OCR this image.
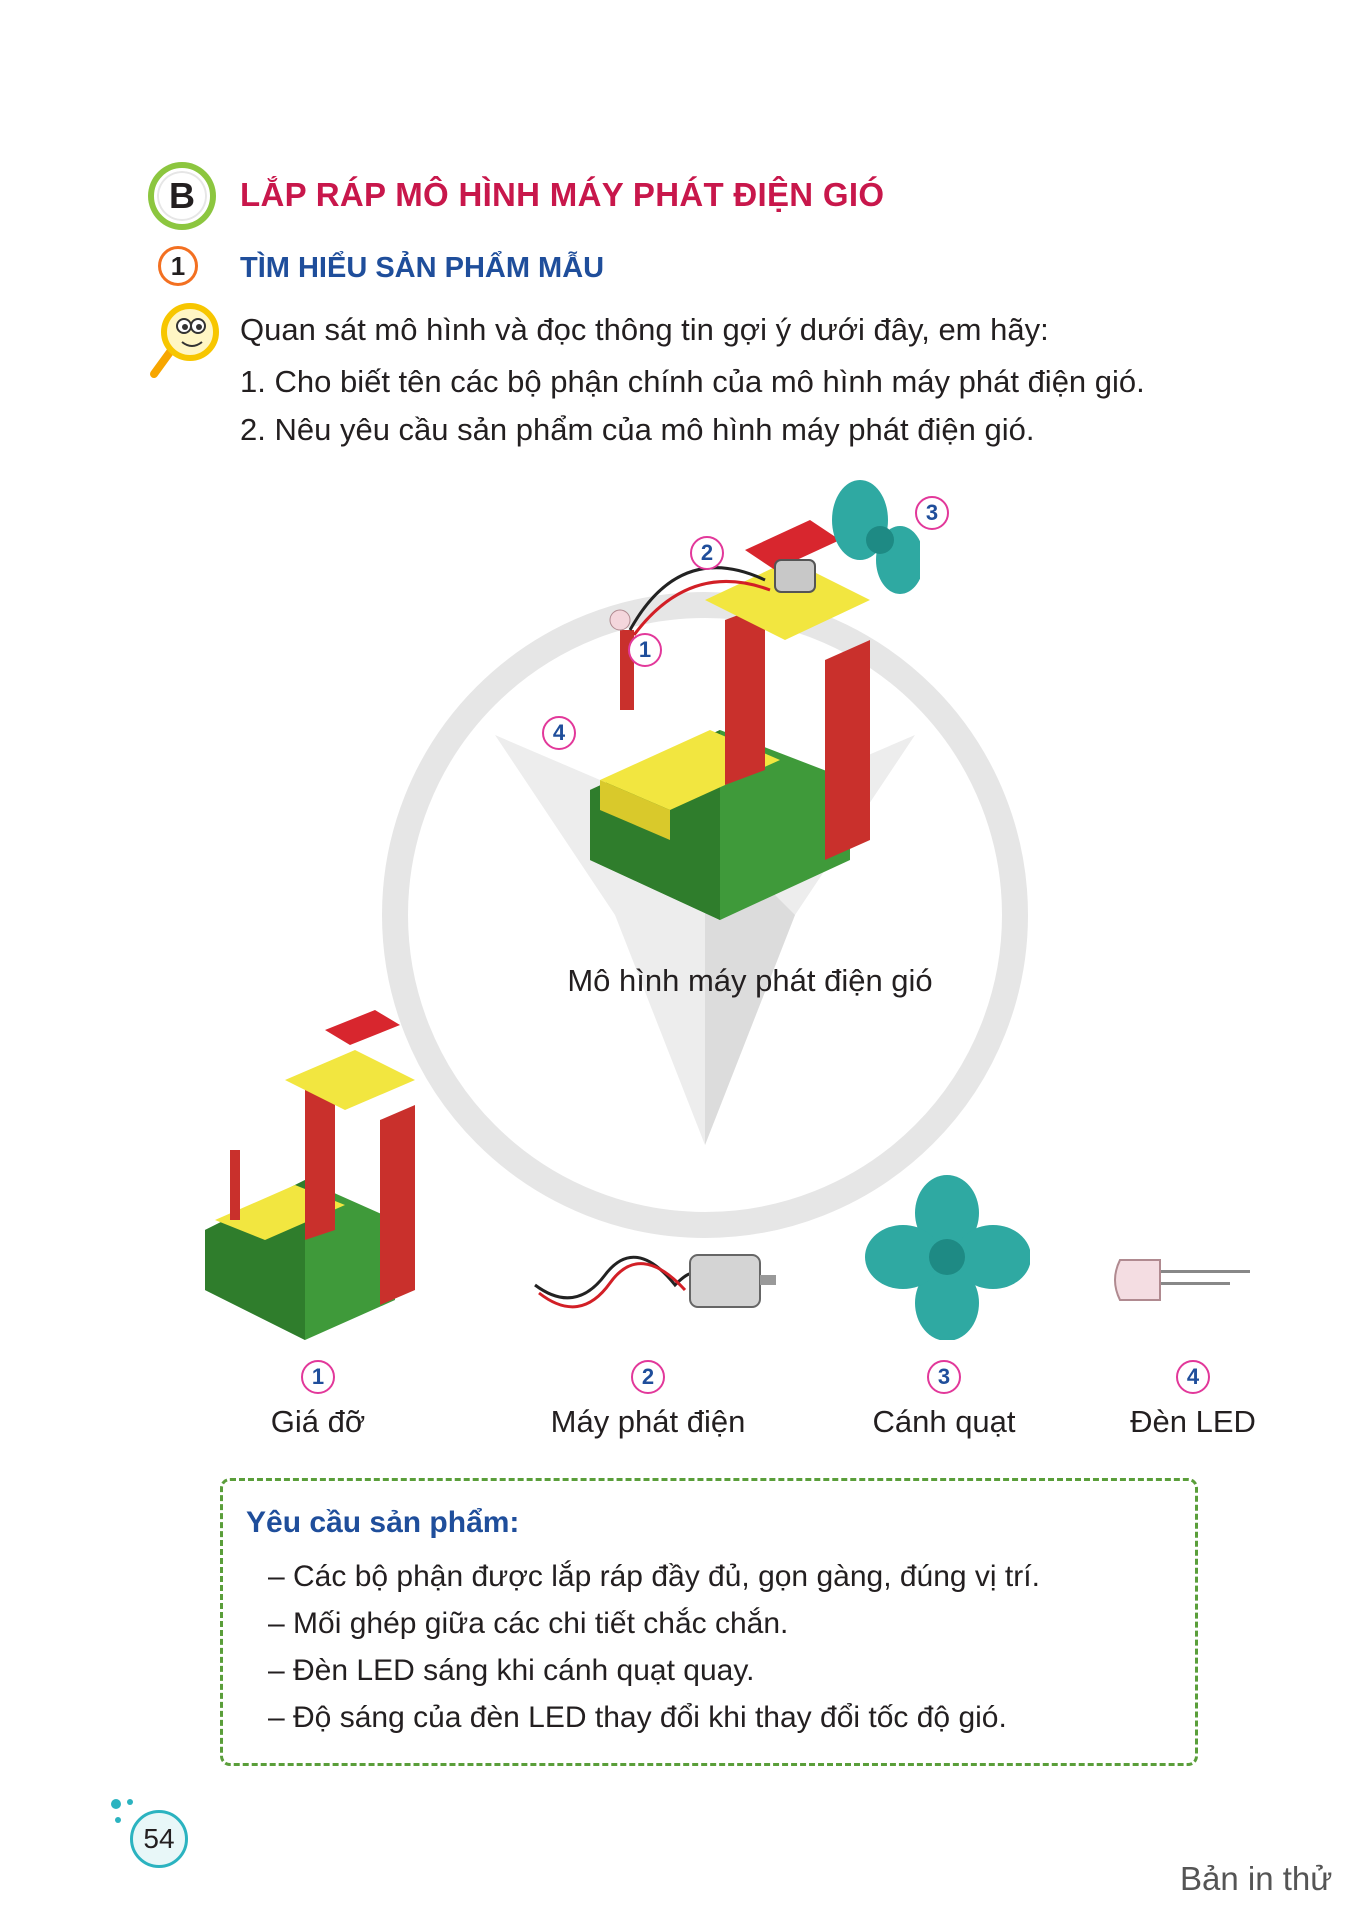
B	LẮP RÁP MÔ HÌNH MÁY PHÁT ĐIỆN GIÓ
1	TÌM HIỂU SẢN PHẨM MẪU
Quan sát mô hình và đọc thông tin gợi ý dưới đây, em hãy:
1. Cho biết tên các bộ phận chính của mô hình máy phát điện gió.
2. Nêu yêu cầu sản phẩm của mô hình máy phát điện gió.
2
3
1
4
Mô hình máy phát điện gió
1	2	3	4
Giá đỡ	Máy phát điện	Cánh quạt	Đèn LED
Yêu cầu sản phẩm:
– Các bộ phận được lắp ráp đầy đủ, gọn gàng, đúng vị trí.
– Mối ghép giữa các chi tiết chắc chắn.
– Đèn LED sáng khi cánh quạt quay.
– Độ sáng của đèn LED thay đổi khi thay đổi tốc độ gió.
54
Bản in thử
